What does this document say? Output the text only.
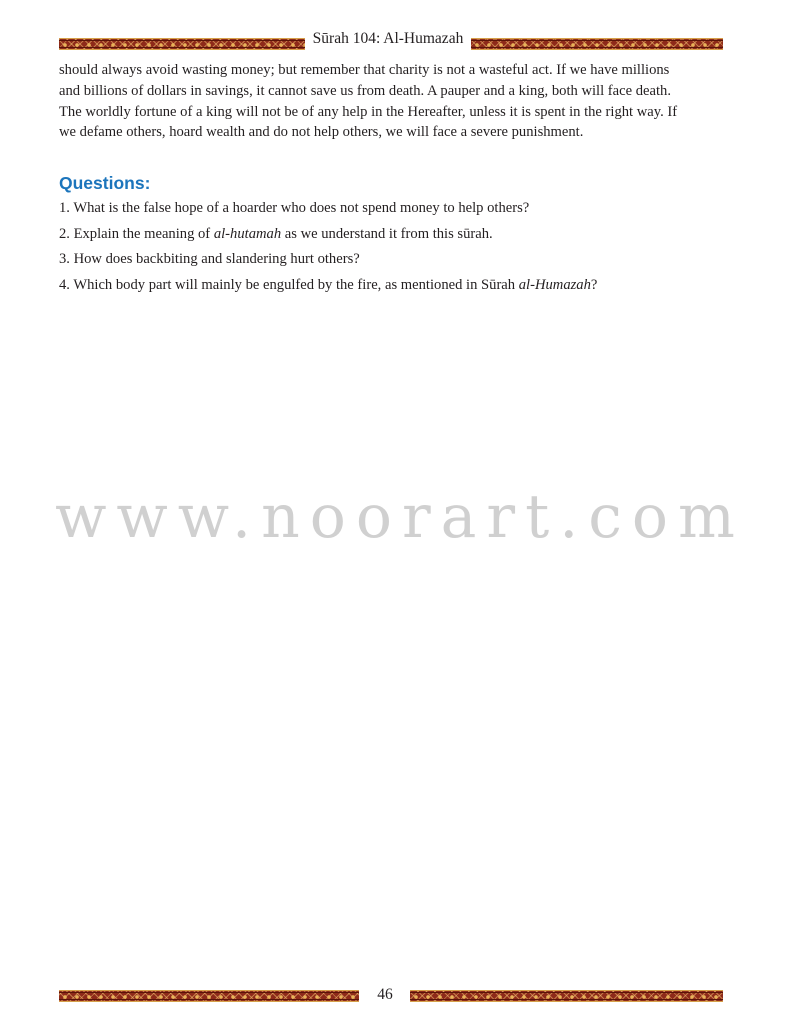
Sūrah 104: Al-Humazah

should always avoid wasting money; but remember that charity is not a wasteful act. If we have millions
and billions of dollars in savings, it cannot save us from death. A pauper and a king, both will face death.
The worldly fortune of a king will not be of any help in the Hereafter, unless it is spent in the right way. If
we defame others, hoard wealth and do not help others, we will face a severe punishment.

Questions:
1. What is the false hope of a hoarder who does not spend money to help others?
2. Explain the meaning of al-hutamah as we understand it from this sūrah.
3. How does backbiting and slandering hurt others?
4. Which body part will mainly be engulfed by the fire, as mentioned in Sūrah al-Humazah?
www.noorart.com
46
